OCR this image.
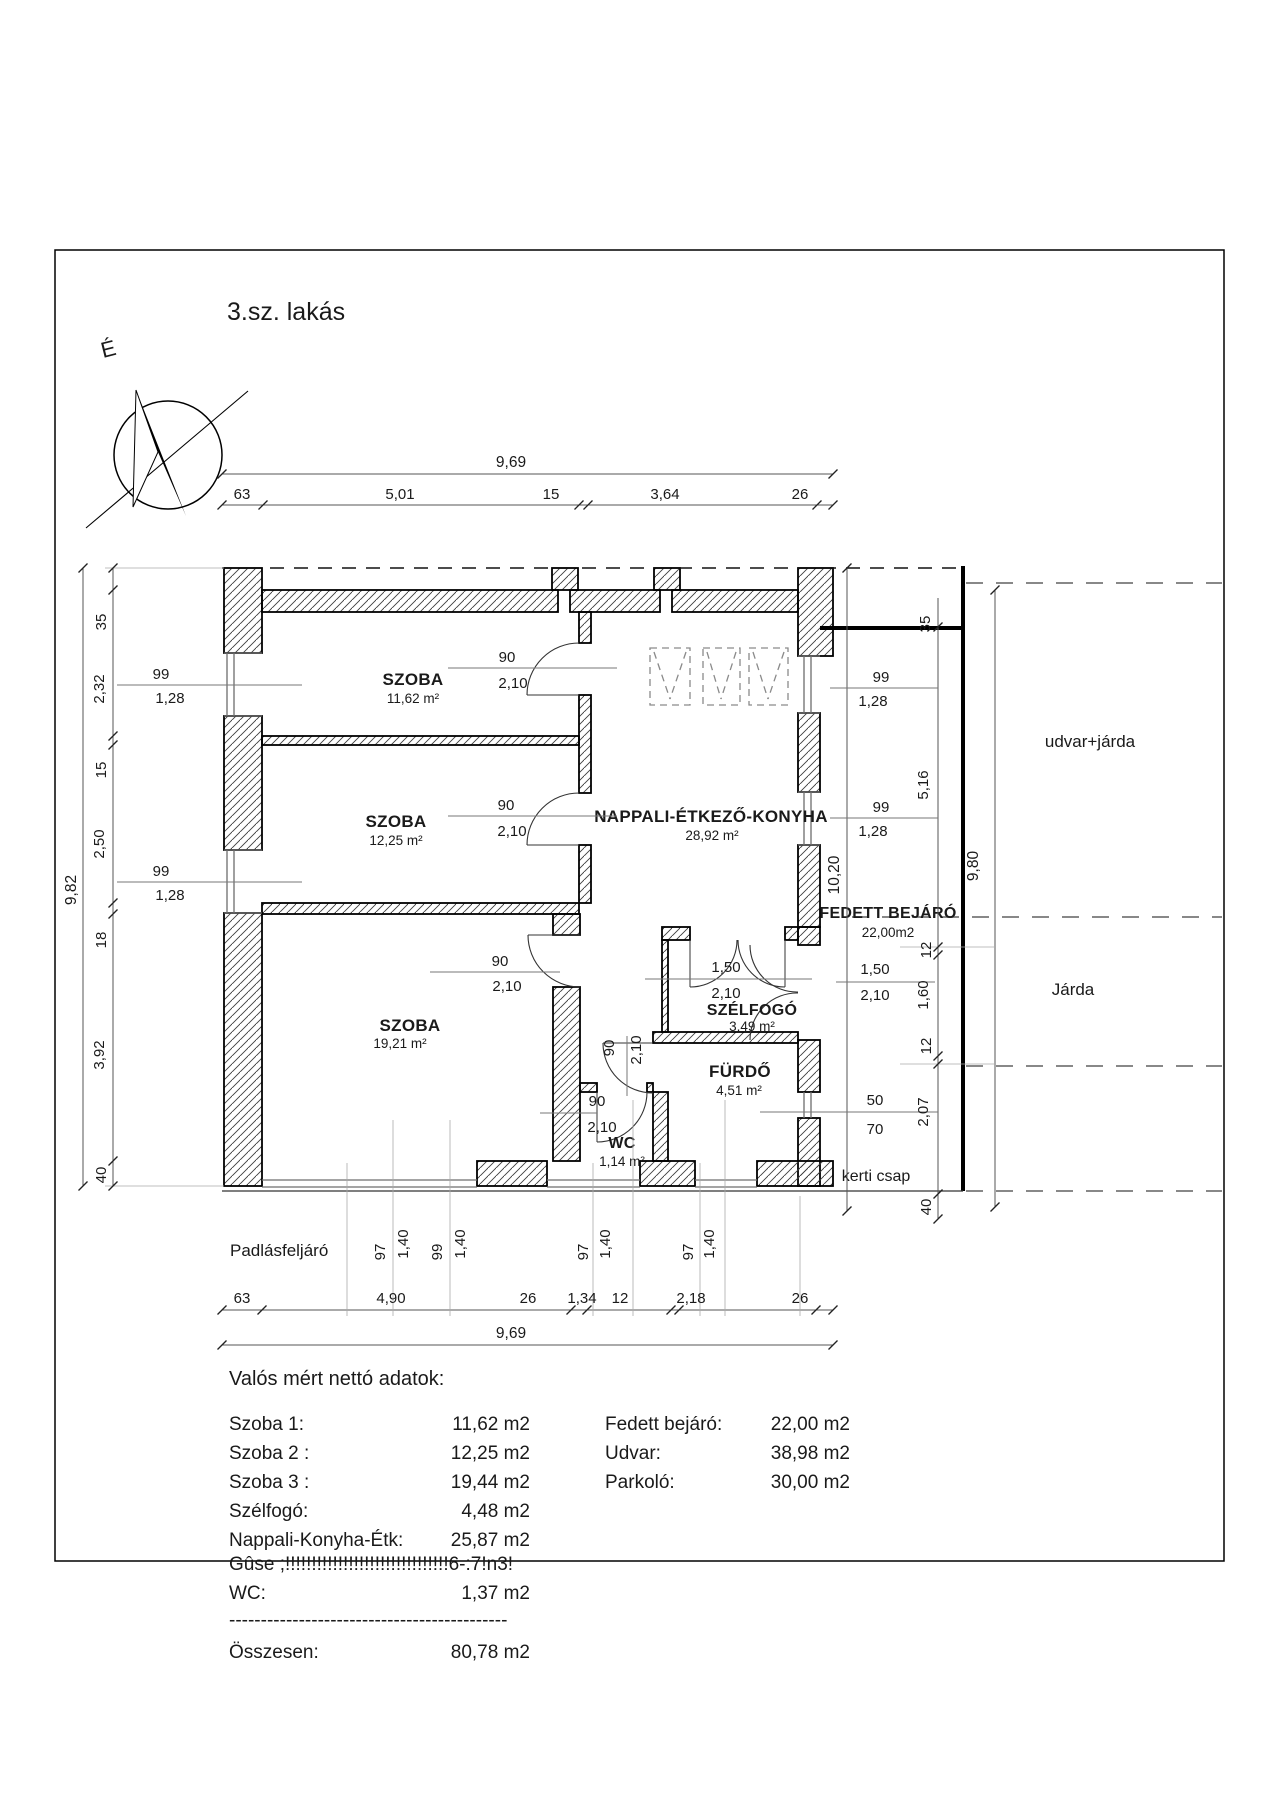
3.sz. lakás
É
SZOBA
11,62 m²
SZOBA
12,25 m²
SZOBA
19,21 m²
NAPPALI-ÉTKEZŐ-KONYHA
28,92 m²
SZÉLFOGÓ
3,49 m²
FÜRDŐ
4,51 m²
WC
1,14 m²
FEDETT BEJÁRÓ
22,00m2
udvar+járda
Járda
kerti csap
Padlásfeljáró
9,69
9,69
9,82
9,80
10,20
63	5,01	15	3,64	26
63	4,90	26 1,34 12	2,18	26
35
2,32
15
2,50
18
3,92
40
35
5,16
12
1,60
12
2,07
40
99
1,28
99
1,28
99
1,28
99
1,28
50
70
90
2,10
90
2,10
90
2,10
90
2,10
90 2,10
1,50
2,10
1,50
2,10
97 1,40 99 1,40	97 1,40	97 1,40
Valós mért nettó adatok:
Szoba 1:	11,62 m2
Szoba 2 :	12,25 m2
Szoba 3 :	19,44 m2
Szélfogó:	4,48 m2
Nappali-Konyha-Étk:	25,87 m2
Gûse ;!!!!!!!!!!!!!!!!!!!!!!!!!!!!!!!6-:7!n3!
WC:	1,37 m2
--------------------------------------------
Összesen:	80,78 m2
Fedett bejáró:	22,00 m2
Udvar:	38,98 m2
Parkoló:	30,00 m2
